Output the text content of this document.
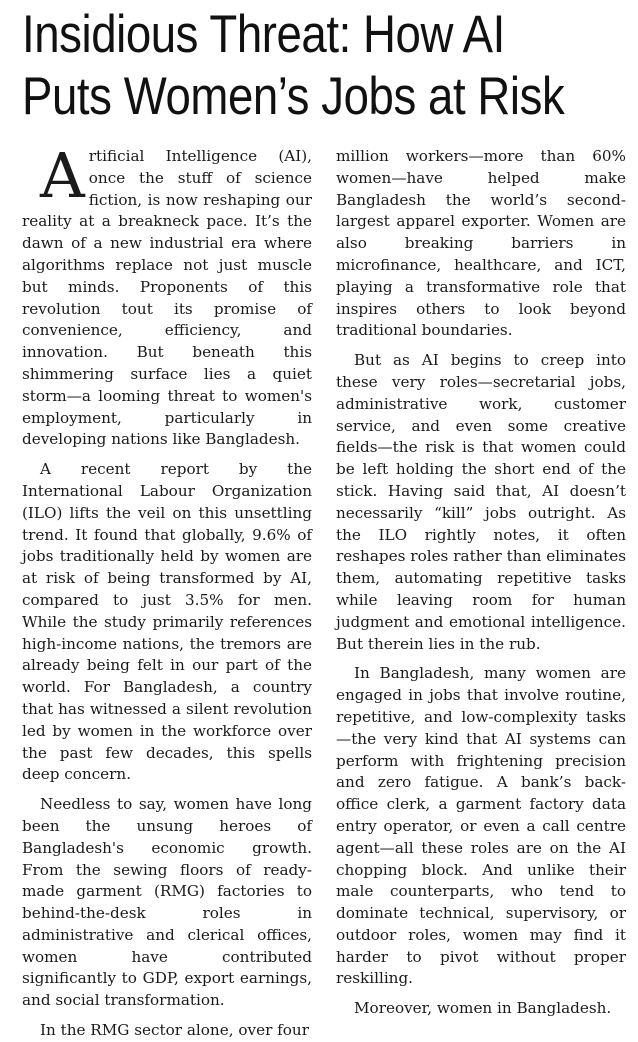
Insidious Threat: How AI
Puts Women’s Jobs at Risk

Artificial Intelligence (AI), once the stuff of science fiction, is now reshaping our reality at a breakneck pace. It’s the dawn of a new industrial era where algorithms replace not just muscle but minds. Proponents of this revolution tout its promise of convenience, efficiency, and innovation. But beneath this shimmering surface lies a quiet storm—a looming threat to women's employment, particularly in developing nations like Bangladesh.

A recent report by the International Labour Organization (ILO) lifts the veil on this unsettling trend. It found that globally, 9.6% of jobs traditionally held by women are at risk of being transformed by AI, compared to just 3.5% for men. While the study primarily references high-income nations, the tremors are already being felt in our part of the world. For Bangladesh, a country that has witnessed a silent revolution led by women in the workforce over the past few decades, this spells deep concern.

Needless to say, women have long been the unsung heroes of Bangladesh's economic growth. From the sewing floors of ready-made garment (RMG) factories to behind-the-desk roles in administrative and clerical offices, women have contributed significantly to GDP, export earnings, and social transformation.

In the RMG sector alone, over four

million workers—more than 60% women—have helped make Bangladesh the world’s second-largest apparel exporter. Women are also breaking barriers in microfinance, healthcare, and ICT, playing a transformative role that inspires others to look beyond traditional boundaries.

But as AI begins to creep into these very roles—secretarial jobs, administrative work, customer service, and even some creative fields—the risk is that women could be left holding the short end of the stick. Having said that, AI doesn’t necessarily “kill” jobs outright. As the ILO rightly notes, it often reshapes roles rather than eliminates them, automating repetitive tasks while leaving room for human judgment and emotional intelligence. But therein lies in the rub.

In Bangladesh, many women are engaged in jobs that involve routine, repetitive, and low-complexity tasks—the very kind that AI systems can perform with frightening precision and zero fatigue. A bank’s back-office clerk, a garment factory data entry operator, or even a call centre agent—all these roles are on the AI chopping block. And unlike their male counterparts, who tend to dominate technical, supervisory, or outdoor roles, women may find it harder to pivot without proper reskilling.

Moreover, women in Bangladesh.
